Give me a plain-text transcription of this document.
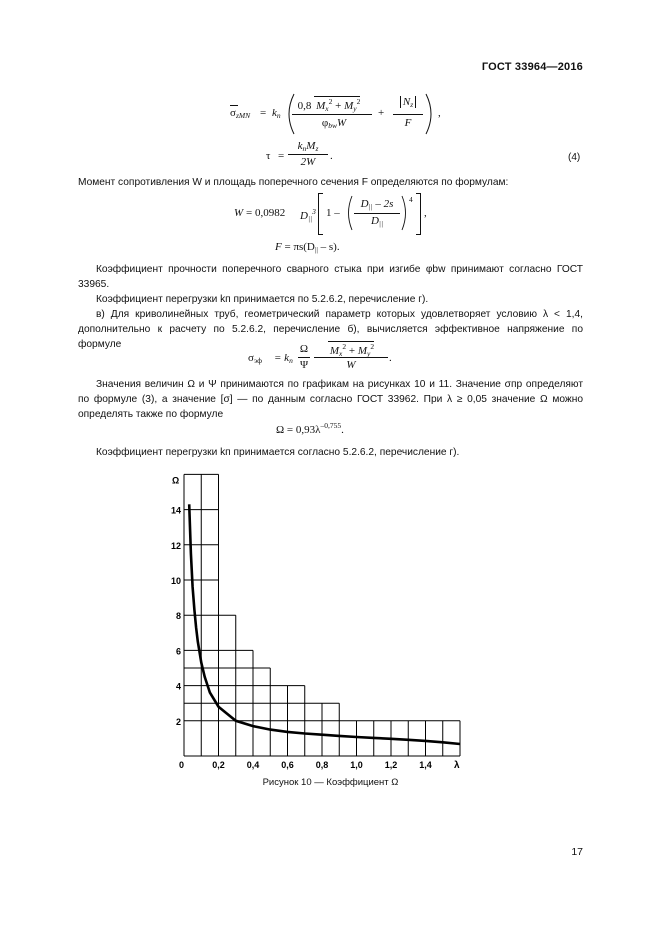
ГОСТ 33964—2016
$\sigma_{zMN} = k_п$
0,8 $M_x^2 + M_y^2$
$\varphi_{bw}W$
+
$N_z$
F
,
τ =
$k_пM_z$
2W	.	(4)
Момент сопротивления W и площадь поперечного сечения F определяются по формулам:
W = 0,0982 $D_{||}^3$ 1 –
$D_{||} - 2s$
$D_{||}$
4
,
$F = \pi s(D_{||} - s)$.
Коэффициент прочности поперечного сварного стыка при изгибе φbw принимают согласно ГОСТ 33965.
Коэффициент перегрузки kп принимается по 5.2.6.2, перечисление г).
в) Для криволинейных труб, геометрический параметр которых удовлетворяет условию λ < 1,4, дополнительно к расчету по 5.2.6.2, перечисление б), вычисляется эффективное напряжение по формуле
$\sigma_{эф} = k_п$
Ω
Ψ
$M_x^2 + M_y^2$
W
.
Значения величин Ω и Ψ принимаются по графикам на рисунках 10 и 11. Значение σпр определяют по формуле (3), а значение [σ] — по данным согласно ГОСТ 33962. При λ ≥ 0,05 значение Ω можно определять также по формуле
$\Omega = 0,93\lambda^{-0,755}$.
Коэффициент перегрузки kп принимается согласно 5.2.6.2, перечисление г).
0	0,2 0,4 0,6 0,8 1,0 1,2 1,4
2
4
6
8
10
12
14
Ω
λ
Рисунок 10 — Коэффициент Ω
17
